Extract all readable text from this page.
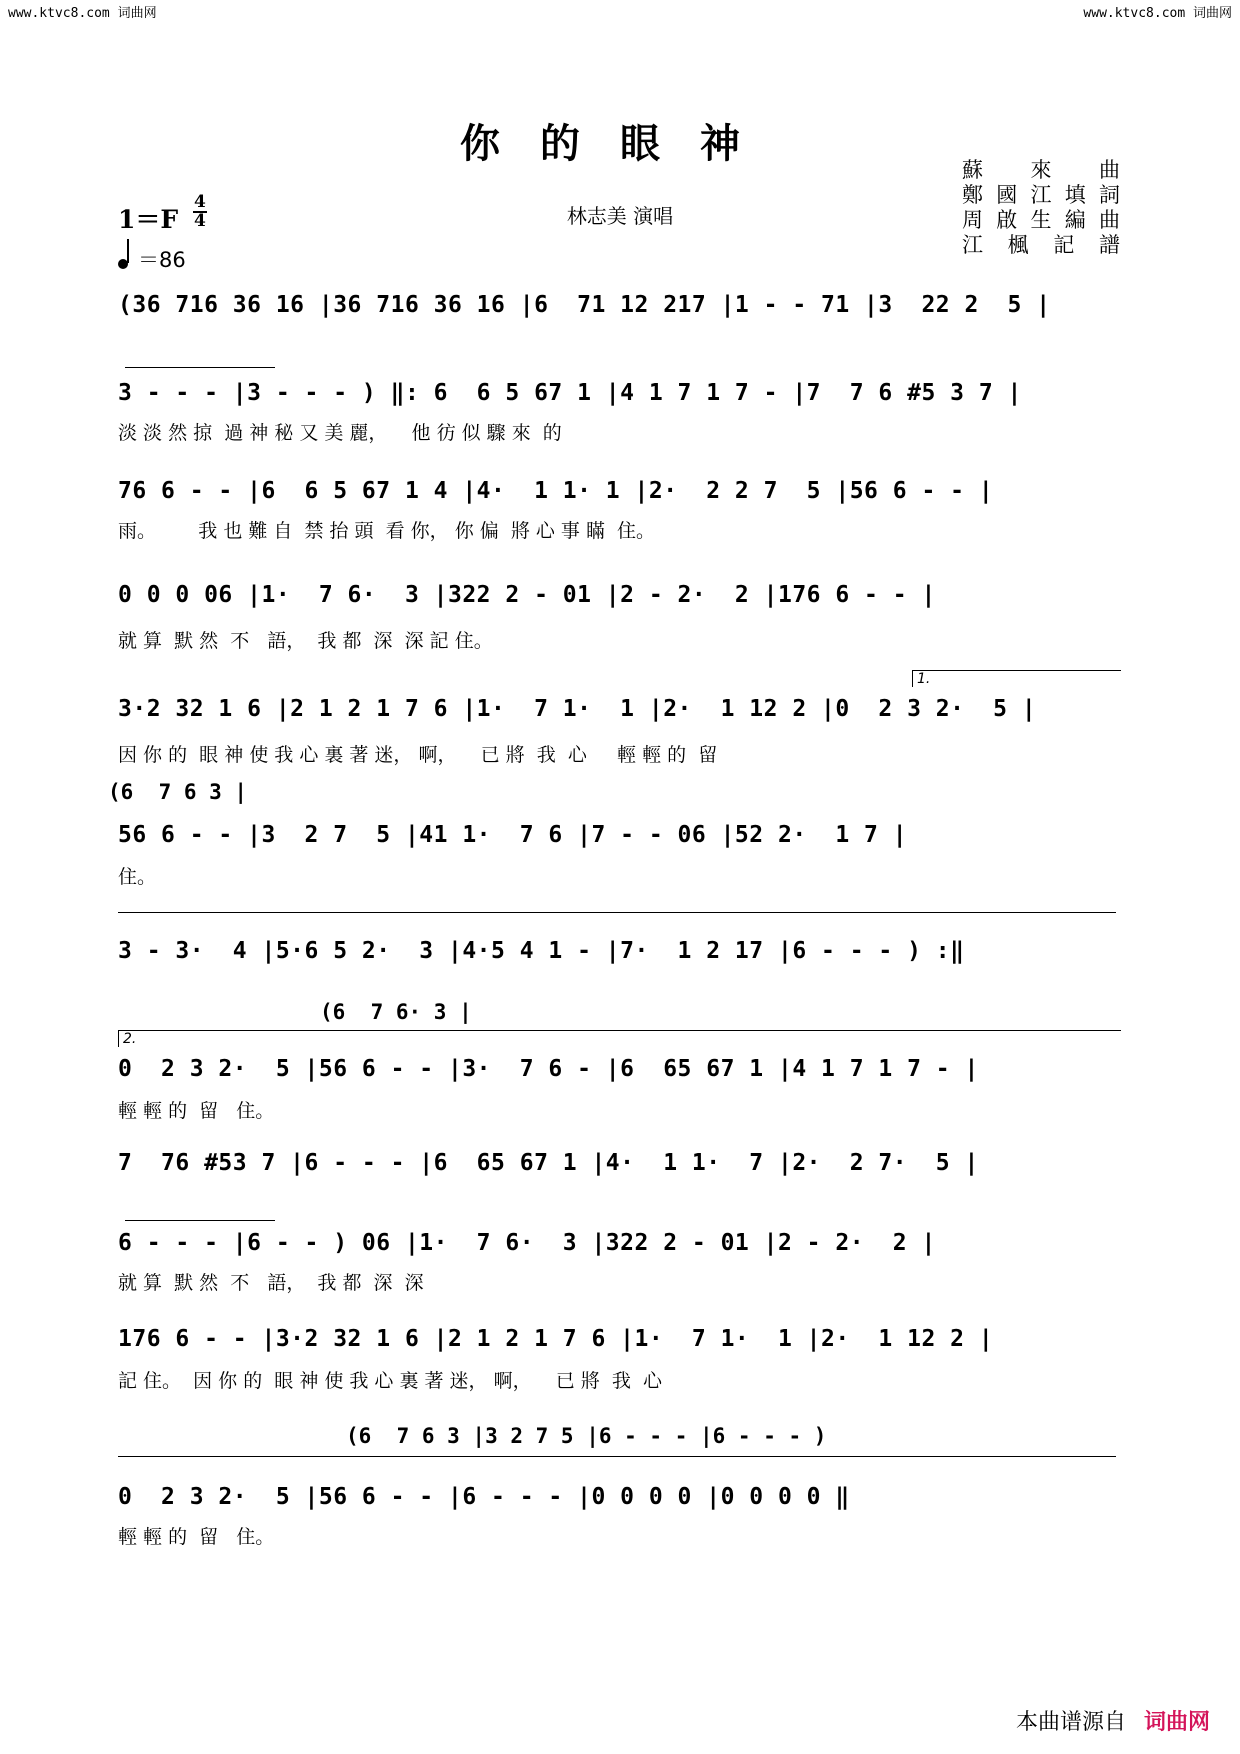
www.ktvc8.com 词曲网	www.ktvc8.com 词曲网
你的眼神
林志美 演唱
蘇來曲
鄭國江填詞
周啟生編曲
江楓記譜
1＝F
4
4
＝86
(36 716 36 16 |36 716 36 16 |6  71 12 217 |1 - - 71 |3  22 2  5 |
3 - - - |3 - - - ) ‖: 6  6 5 67 1 |4 1 7 1 7 - |7  7 6 #5 3 7 |
淡 淡 然 掠  過 神 秘 又 美 麗，    他 彷 似 驟 來  的
76 6 - - |6  6 5 67 1 4 |4·  1 1· 1 |2·  2 2 7  5 |56 6 - - |
雨。       我 也 難 自  禁 抬 頭  看 你， 你 偏  將 心 事 瞞  住。
0 0 0 06 |1·  7 6·  3 |322 2 - 01 |2 - 2·  2 |176 6 - - |
就 算  默 然  不   語，  我 都  深  深 記 住。
1.
3·2 32 1 6 |2 1 2 1 7 6 |1·  7 1·  1 |2·  1 12 2 |0  2 3 2·  5 |
因 你 的  眼 神 使 我 心 裏 著 迷， 啊，    已 將  我  心     輕 輕 的  留
(6  7 6 3 |
56 6 - - |3  2 7  5 |41 1·  7 6 |7 - - 06 |52 2·  1 7 |
住。
3 - 3·  4 |5·6 5 2·  3 |4·5 4 1 - |7·  1 2 17 |6 - - - ) :‖
(6  7 6· 3 |
2.
0  2 3 2·  5 |56 6 - - |3·  7 6 - |6  65 67 1 |4 1 7 1 7 - |
輕 輕 的  留   住。
7  76 #53 7 |6 - - - |6  65 67 1 |4·  1 1·  7 |2·  2 7·  5 |
6 - - - |6 - - ) 06 |1·  7 6·  3 |322 2 - 01 |2 - 2·  2 |
就 算  默 然  不   語，  我 都  深  深
176 6 - - |3·2 32 1 6 |2 1 2 1 7 6 |1·  7 1·  1 |2·  1 12 2 |
記 住。  因 你 的  眼 神 使 我 心 裏 著 迷， 啊，    已 將  我  心
(6  7 6 3 |3 2 7 5 |6 - - - |6 - - - )
0  2 3 2·  5 |56 6 - - |6 - - - |0 0 0 0 |0 0 0 0 ‖
輕 輕 的  留   住。
本曲谱源自 词曲网
